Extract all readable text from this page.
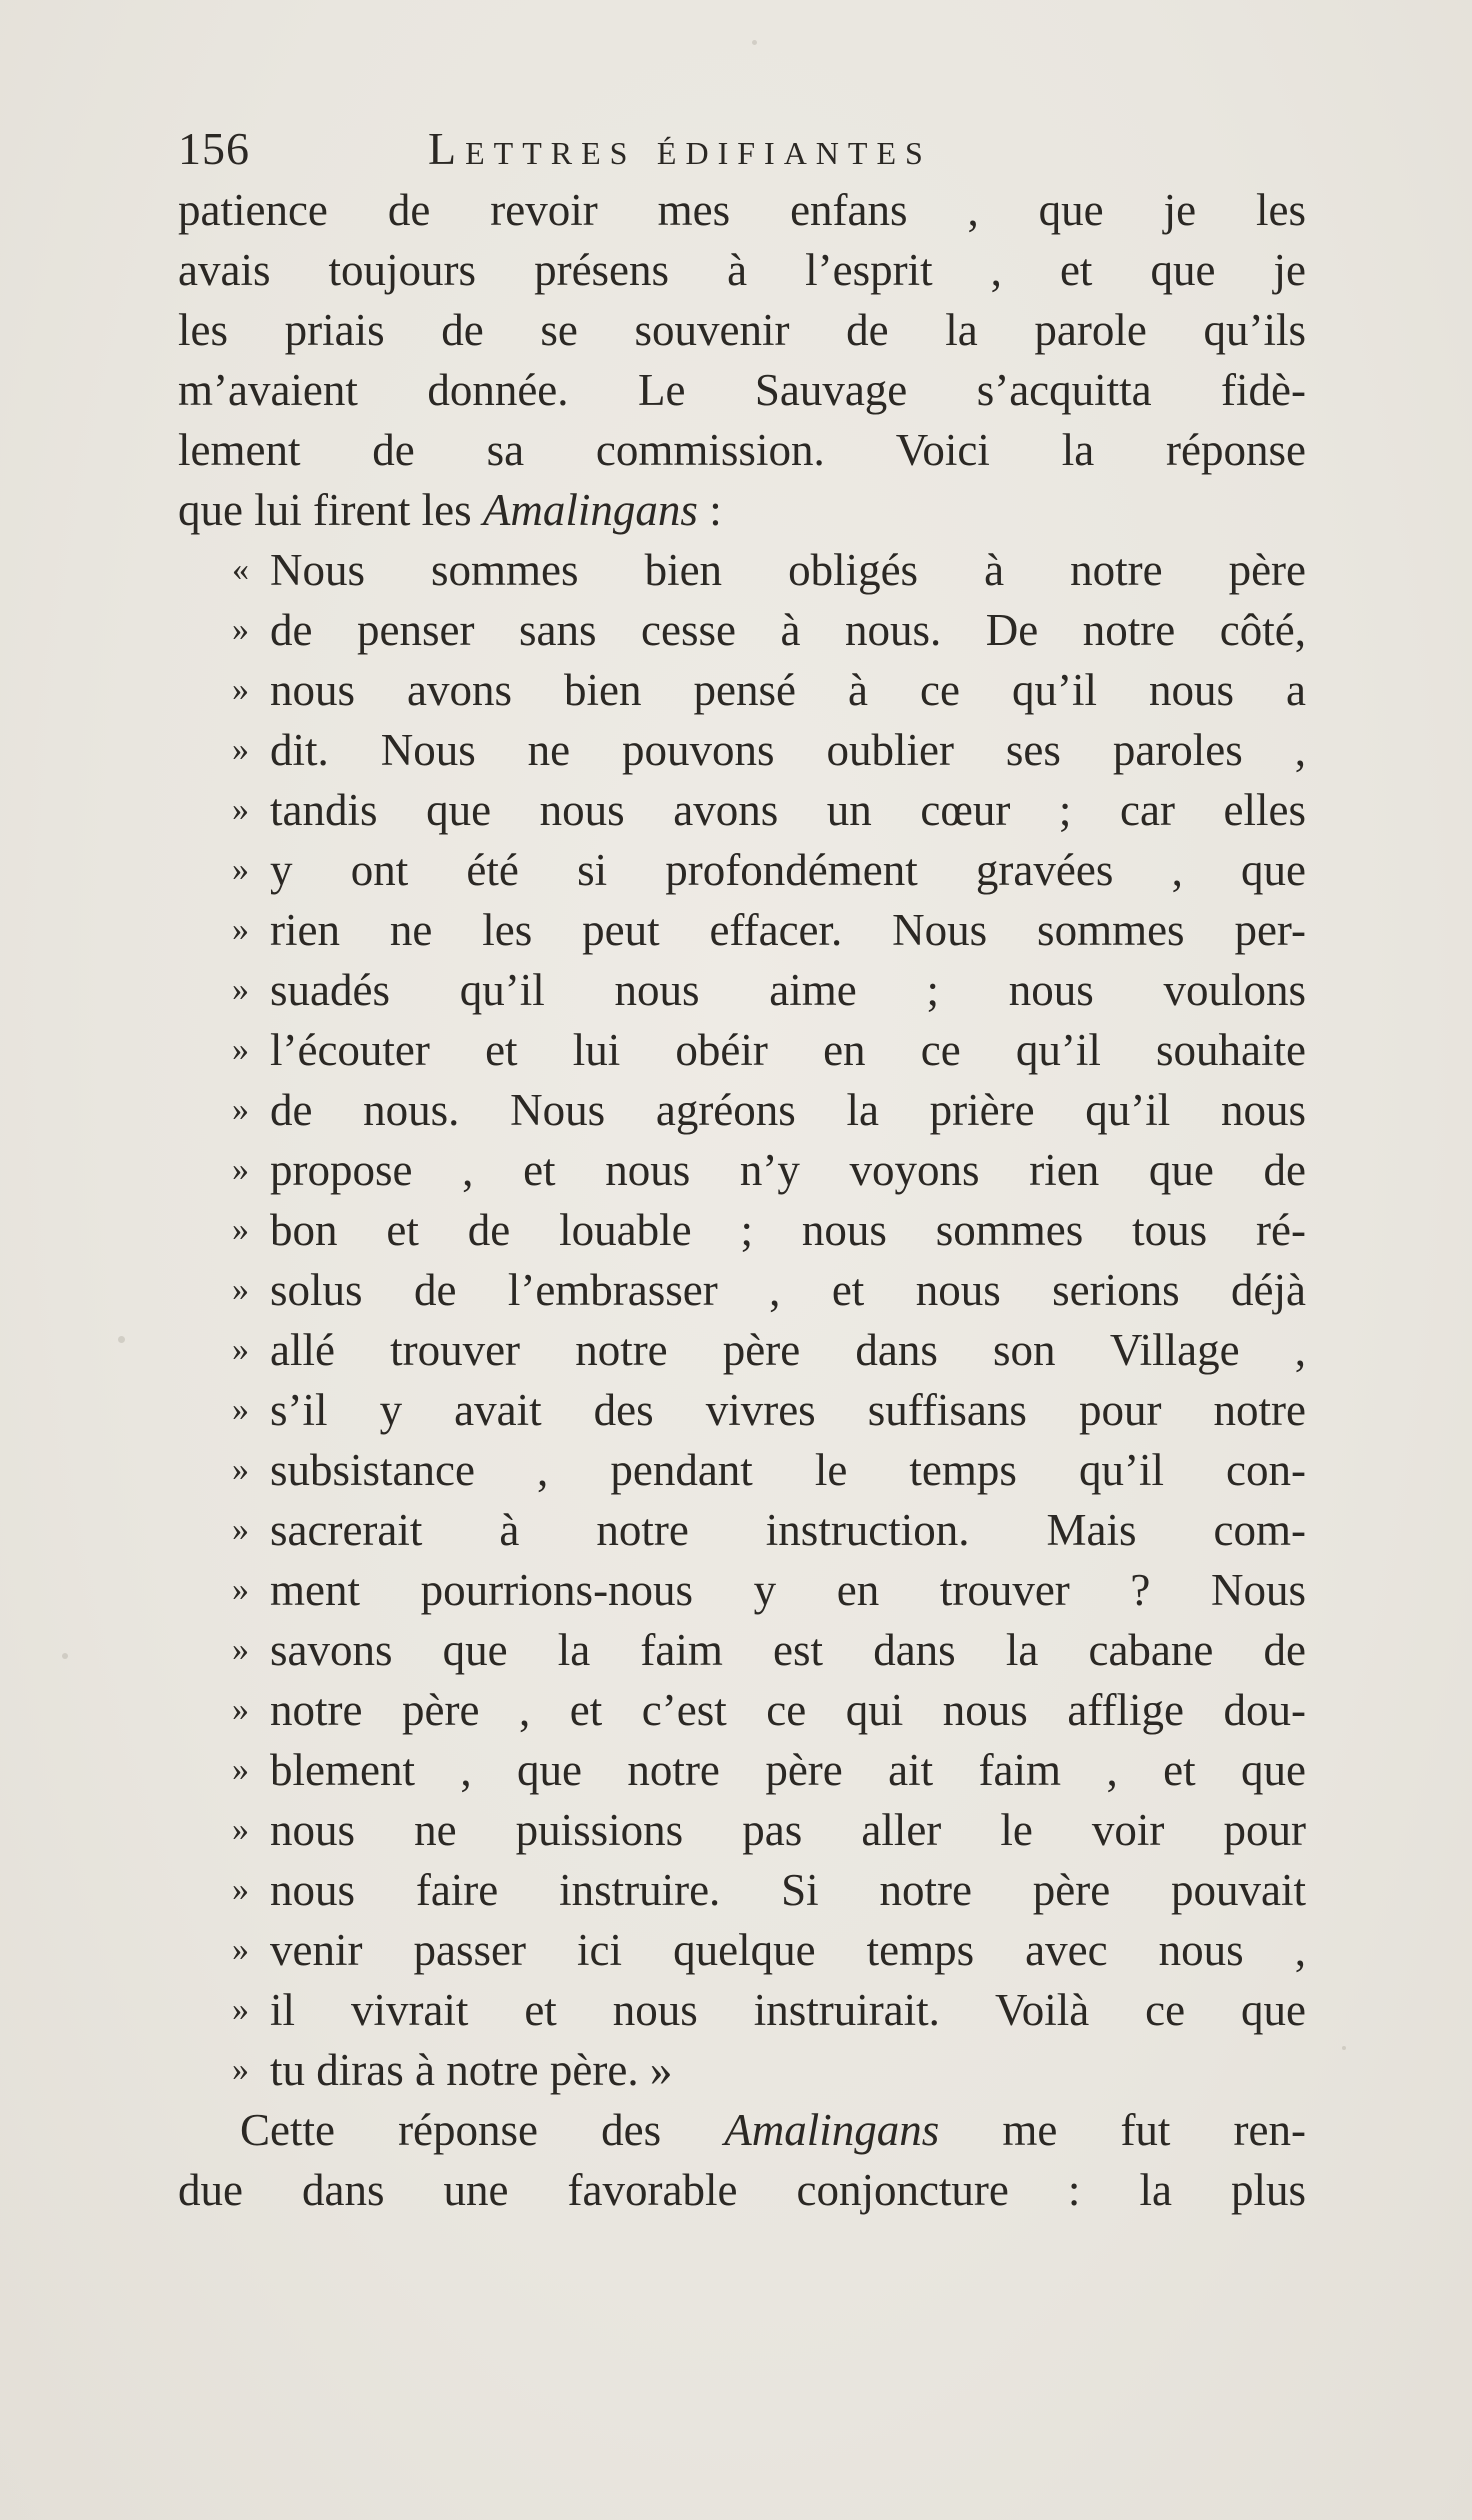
156	Lettres édifiantes
patience de revoir mes enfans , que je les
avais toujours présens à l’esprit , et que je
les priais de se souvenir de la parole qu’ils
m’avaient donnée. Le Sauvage s’acquitta fidè-
lement de sa commission. Voici la réponse
que lui firent les Amalingans :
« Nous sommes bien obligés à notre père
» de penser sans cesse à nous. De notre côté,
» nous avons bien pensé à ce qu’il nous a
» dit. Nous ne pouvons oublier ses paroles ,
» tandis que nous avons un cœur ; car elles
» y ont été si profondément gravées , que
» rien ne les peut effacer. Nous sommes per-
» suadés qu’il nous aime ; nous voulons
» l’écouter et lui obéir en ce qu’il souhaite
» de nous. Nous agréons la prière qu’il nous
» propose , et nous n’y voyons rien que de
» bon et de louable ; nous sommes tous ré-
» solus de l’embrasser , et nous serions déjà
» allé trouver notre père dans son Village ,
» s’il y avait des vivres suffisans pour notre
» subsistance , pendant le temps qu’il con-
» sacrerait à notre instruction. Mais com-
» ment pourrions-nous y en trouver ? Nous
» savons que la faim est dans la cabane de
» notre père , et c’est ce qui nous afflige dou-
» blement , que notre père ait faim , et que
» nous ne puissions pas aller le voir pour
» nous faire instruire. Si notre père pouvait
» venir passer ici quelque temps avec nous ,
» il vivrait et nous instruirait. Voilà ce que
» tu diras à notre père. »
Cette réponse des Amalingans me fut ren-
due dans une favorable conjoncture : la plus
